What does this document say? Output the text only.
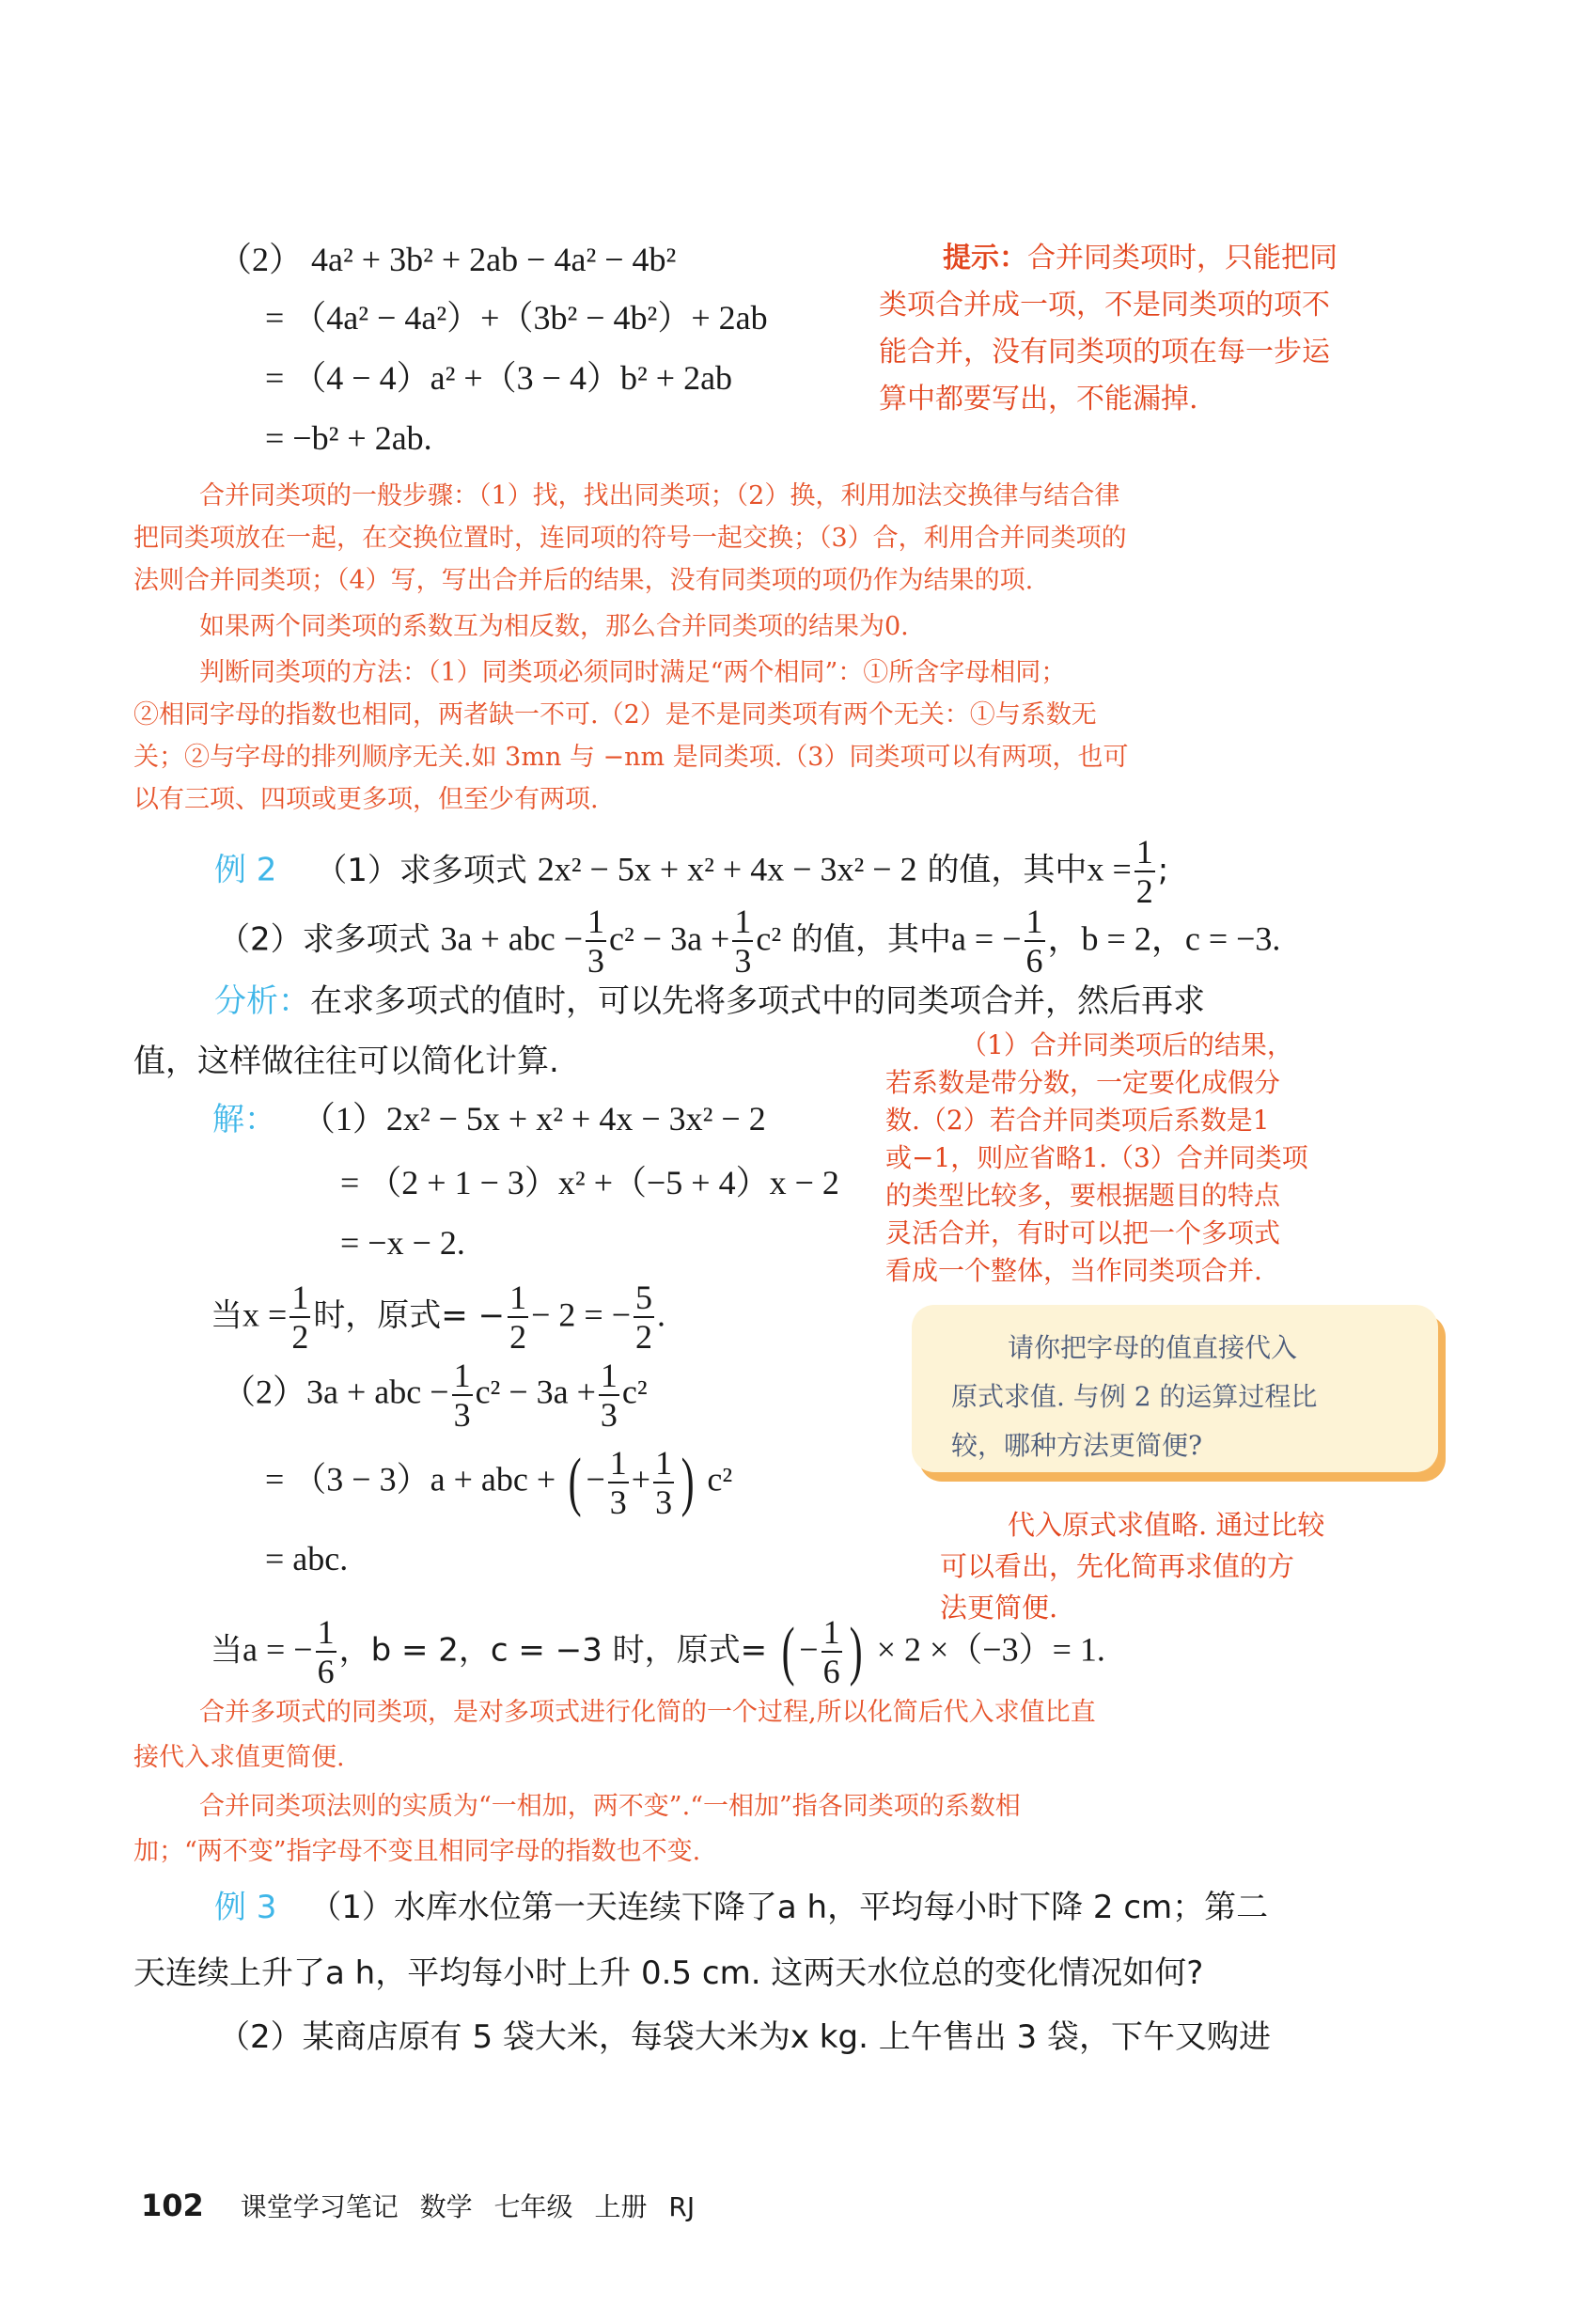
（2） 4a² + 3b² + 2ab − 4a² − 4b²
= （4a² − 4a²）+（3b² − 4b²）+ 2ab
= （4 − 4）a² +（3 − 4）b² + 2ab
= −b² + 2ab.
提示：合并同类项时，只能把同
类项合并成一项，不是同类项的项不
能合并，没有同类项的项在每一步运
算中都要写出，不能漏掉.
合并同类项的一般步骤：（1）找，找出同类项；（2）换，利用加法交换律与结合律
把同类项放在一起，在交换位置时，连同项的符号一起交换；（3）合，利用合并同类项的
法则合并同类项；（4）写，写出合并后的结果，没有同类项的项仍作为结果的项.
如果两个同类项的系数互为相反数，那么合并同类项的结果为0.
判断同类项的方法：（1）同类项必须同时满足“两个相同”：①所含字母相同；
②相同字母的指数也相同，两者缺一不可.（2）是不是同类项有两个无关：①与系数无
关；②与字母的排列顺序无关.如 3mn 与 −nm 是同类项.（3）同类项可以有两项，也可
以有三项、四项或更多项，但至少有两项.
例 2 （1）求多项式 2x² − 5x + x² + 4x − 3x² − 2 的值，其中$x = \frac{1}{2}$ ;
（2）求多项式 3a + abc − $\frac{1}{3} c^2 - 3a + \frac{1}{3} c^2$ 的值，其中a = − $\frac{1}{6}$ ，b = 2，c = −3.
分析：在求多项式的值时，可以先将多项式中的同类项合并，然后再求
值，这样做往往可以简化计算.	（1）合并同类项后的结果，
若系数是带分数，一定要化成假分
数.（2）若合并同类项后系数是1
或−1，则应省略1.（3）合并同类项
的类型比较多，要根据题目的特点
灵活合并，有时可以把一个多项式
看成一个整体，当作同类项合并.
解： （1）2x² − 5x + x² + 4x − 3x² − 2
= （2 + 1 − 3）x² +（−5 + 4）x − 2
= −x − 2.
当$x = \frac{1}{2}$ 时，原式= − $\frac{1}{2} - 2$ = − $\frac{5}{2}$ .
（2）3a + abc − $\frac{1}{3} c^2 - 3a + \frac{1}{3} c^2$
= （3 − 3）a + abc + ( − $\frac{1}{3} + \frac{1}{3}$ ) c²
= abc.
当a = − $\frac{1}{6}$ ，b = 2，c = −3 时，原式= ( − $\frac{1}{6}$ ) × 2 ×（−3）= 1.
请你把字母的值直接代入
原式求值. 与例 2 的运算过程比
较，哪种方法更简便?
代入原式求值略. 通过比较
可以看出，先化简再求值的方
法更简便.
合并多项式的同类项，是对多项式进行化简的一个过程,所以化简后代入求值比直
接代入求值更简便.
合并同类项法则的实质为“一相加，两不变”.“一相加”指各同类项的系数相
加；“两不变”指字母不变且相同字母的指数也不变.
例 3 （1）水库水位第一天连续下降了a h，平均每小时下降 2 cm；第二
天连续上升了a h，平均每小时上升 0.5 cm. 这两天水位总的变化情况如何?
（2）某商店原有 5 袋大米，每袋大米为x kg. 上午售出 3 袋，下午又购进
102 课堂学习笔记 数学 七年级 上册 RJ
